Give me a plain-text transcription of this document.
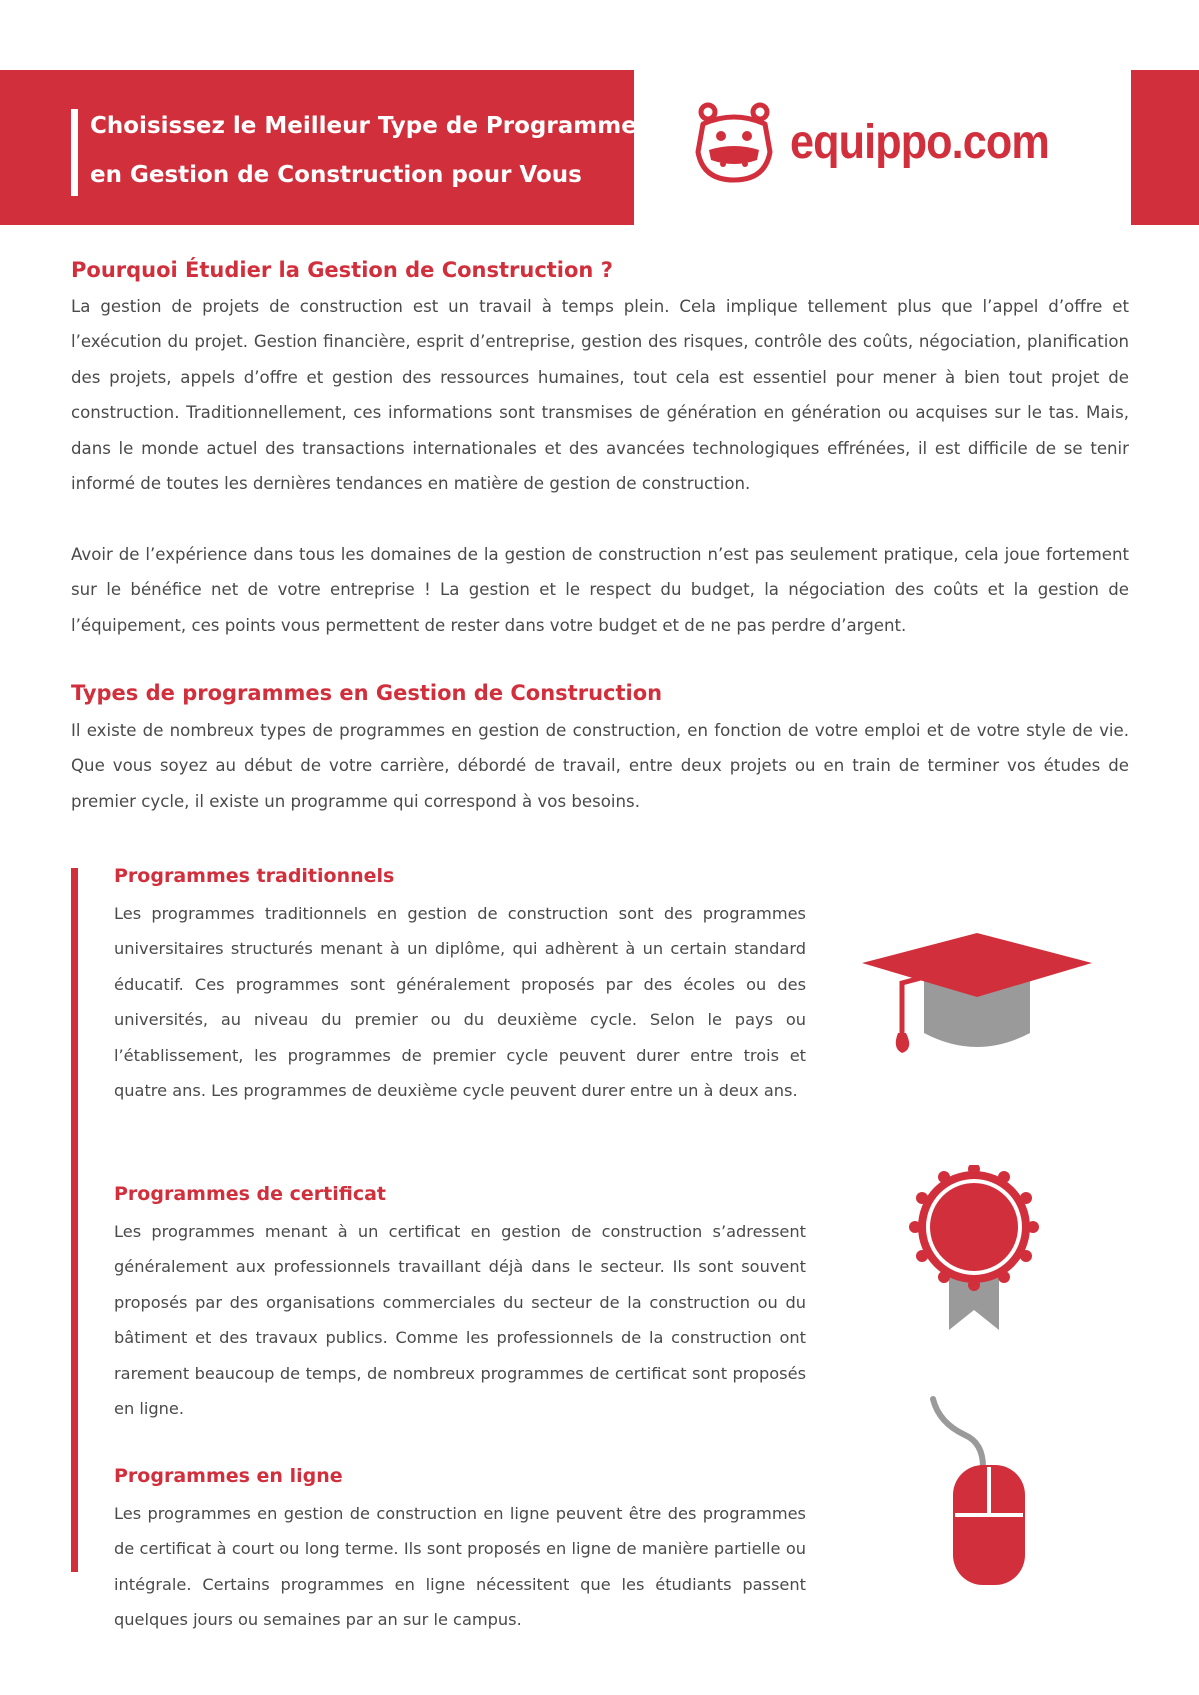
Choisissez le Meilleur Type de Programme
en Gestion de Construction pour Vous
equippo.com
Pourquoi Étudier la Gestion de Construction ?

La gestion de projets de construction est un travail à temps plein. Cela implique tellement plus que l’appel d’offre et l’exécution du projet. Gestion financière, esprit d’entreprise, gestion des risques, contrôle des coûts, négociation, planification des projets, appels d’offre et gestion des ressources humaines, tout cela est essentiel pour mener à bien tout projet de construction. Traditionnellement, ces informations sont transmises de génération en génération ou acquises sur le tas. Mais, dans le monde actuel des transactions internationales et des avancées technologiques effrénées, il est difficile de se tenir informé de toutes les dernières tendances en matière de gestion de construction.

Avoir de l’expérience dans tous les domaines de la gestion de construction n’est pas seulement pratique, cela joue fortement sur le bénéfice net de votre entreprise ! La gestion et le respect du budget, la négociation des coûts et la gestion de l’équipement, ces points vous permettent de rester dans votre budget et de ne pas perdre d’argent.

Types de programmes en Gestion de Construction

Il existe de nombreux types de programmes en gestion de construction, en fonction de votre emploi et de votre style de vie. Que vous soyez au début de votre carrière, débordé de travail, entre deux projets ou en train de terminer vos études de premier cycle, il existe un programme qui correspond à vos besoins.

Programmes traditionnels

Les programmes traditionnels en gestion de construction sont des programmes universitaires structurés menant à un diplôme, qui adhèrent à un certain standard éducatif. Ces programmes sont généralement proposés par des écoles ou des universités, au niveau du premier ou du deuxième cycle. Selon le pays ou l’établissement, les programmes de premier cycle peuvent durer entre trois et quatre ans. Les programmes de deuxième cycle peuvent durer entre un à deux ans.

Programmes de certificat

Les programmes menant à un certificat en gestion de construction s’adressent généralement aux professionnels travaillant déjà dans le secteur. Ils sont souvent proposés par des organisations commerciales du secteur de la construction ou du bâtiment et des travaux publics. Comme les professionnels de la construction ont rarement beaucoup de temps, de nombreux programmes de certificat sont proposés en ligne.

Programmes en ligne

Les programmes en gestion de construction en ligne peuvent être des programmes de certificat à court ou long terme. Ils sont proposés en ligne de manière partielle ou intégrale. Certains programmes en ligne nécessitent que les étudiants passent quelques jours ou semaines par an sur le campus.
